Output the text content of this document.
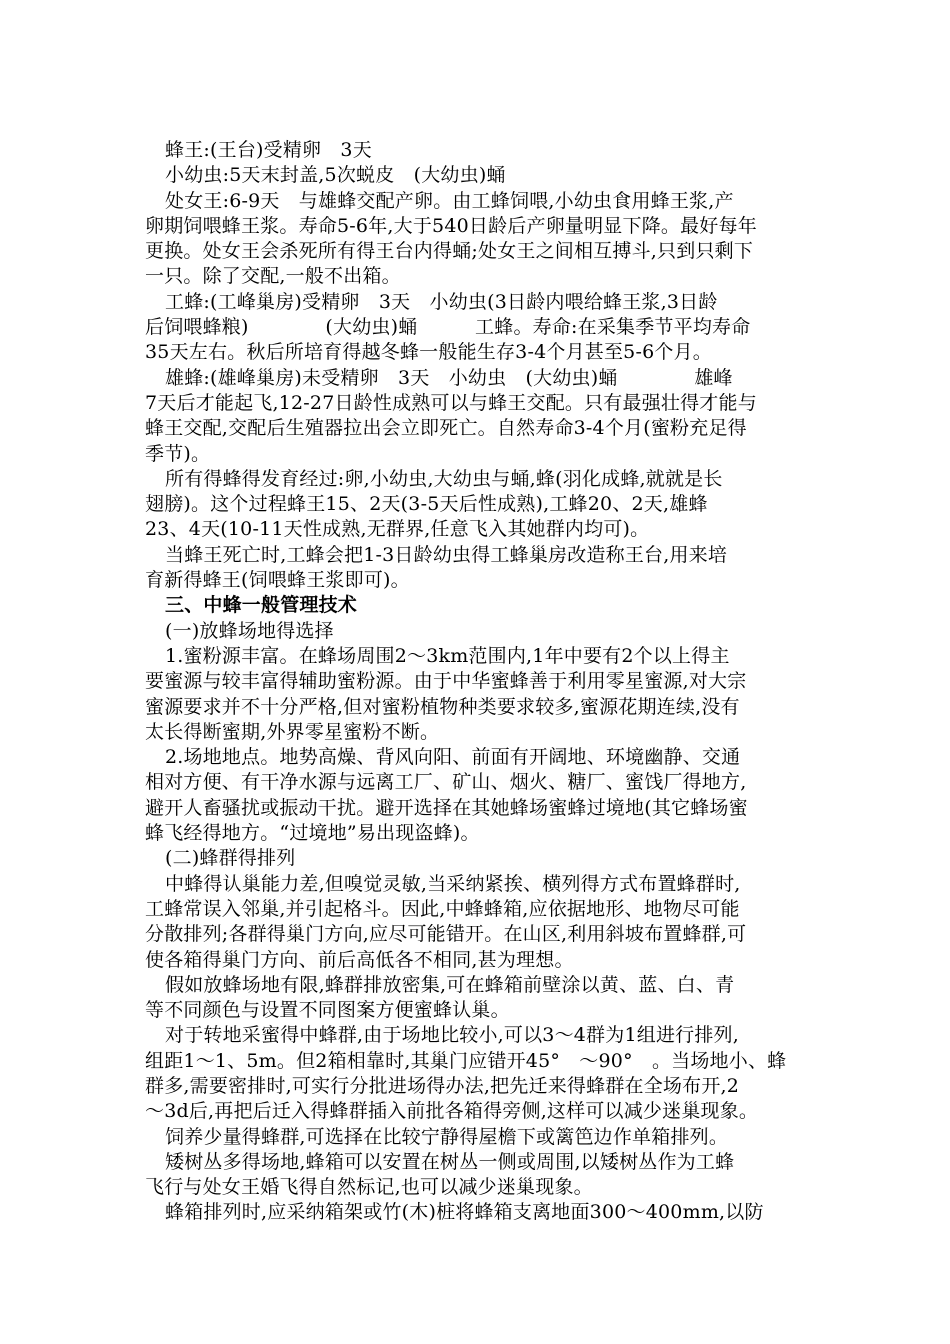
蜂王:(王台)受精卵　3天
小幼虫:5天末封盖,5次蜕皮　(大幼虫)蛹
处女王:6-9天　与雄蜂交配产卵。由工蜂饲喂,小幼虫食用蜂王浆,产
卵期饲喂蜂王浆。寿命5-6年,大于540日龄后产卵量明显下降。最好每年
更换。处女王会杀死所有得王台内得蛹;处女王之间相互搏斗,只到只剩下
一只。除了交配,一般不出箱。
工蜂:(工峰巢房)受精卵　3天　小幼虫(3日龄内喂给蜂王浆,3日龄
后饲喂蜂粮)　　　　(大幼虫)蛹　　　工蜂。寿命:在采集季节平均寿命
35天左右。秋后所培育得越冬蜂一般能生存3-4个月甚至5-6个月。
雄蜂:(雄峰巢房)未受精卵　3天　小幼虫　(大幼虫)蛹　　　　雄峰
7天后才能起飞,12-27日龄性成熟可以与蜂王交配。只有最强壮得才能与
蜂王交配,交配后生殖器拉出会立即死亡。自然寿命3-4个月(蜜粉充足得
季节)。
所有得蜂得发育经过:卵,小幼虫,大幼虫与蛹,蜂(羽化成蜂,就就是长
翅膀)。这个过程蜂王15、2天(3-5天后性成熟),工蜂20、2天,雄蜂
23、4天(10-11天性成熟,无群界,任意飞入其她群内均可)。
当蜂王死亡时,工蜂会把1-3日龄幼虫得工蜂巢房改造称王台,用来培
育新得蜂王(饲喂蜂王浆即可)。
三、中蜂一般管理技术
(一)放蜂场地得选择
1.蜜粉源丰富。在蜂场周围2～3km范围内,1年中要有2个以上得主
要蜜源与较丰富得辅助蜜粉源。由于中华蜜蜂善于利用零星蜜源,对大宗
蜜源要求并不十分严格,但对蜜粉植物种类要求较多,蜜源花期连续,没有
太长得断蜜期,外界零星蜜粉不断。
2.场地地点。地势高燥、背风向阳、前面有开阔地、环境幽静、交通
相对方便、有干净水源与远离工厂、矿山、烟火、糖厂、蜜饯厂得地方,
避开人畜骚扰或振动干扰。避开选择在其她蜂场蜜蜂过境地(其它蜂场蜜
蜂飞经得地方。“过境地”易出现盗蜂)。
(二)蜂群得排列
中蜂得认巢能力差,但嗅觉灵敏,当采纳紧挨、横列得方式布置蜂群时,
工蜂常误入邻巢,并引起格斗。因此,中蜂蜂箱,应依据地形、地物尽可能
分散排列;各群得巢门方向,应尽可能错开。在山区,利用斜坡布置蜂群,可
使各箱得巢门方向、前后高低各不相同,甚为理想。
假如放蜂场地有限,蜂群排放密集,可在蜂箱前壁涂以黄、蓝、白、青
等不同颜色与设置不同图案方便蜜蜂认巢。
对于转地采蜜得中蜂群,由于场地比较小,可以3～4群为1组进行排列,
组距1～1、5m。但2箱相靠时,其巢门应错开45°　～90°　。当场地小、蜂
群多,需要密排时,可实行分批进场得办法,把先迁来得蜂群在全场布开,2
～3d后,再把后迁入得蜂群插入前批各箱得旁侧,这样可以减少迷巢现象。
饲养少量得蜂群,可选择在比较宁静得屋檐下或篱笆边作单箱排列。
矮树丛多得场地,蜂箱可以安置在树丛一侧或周围,以矮树丛作为工蜂
飞行与处女王婚飞得自然标记,也可以减少迷巢现象。
蜂箱排列时,应采纳箱架或竹(木)桩将蜂箱支离地面300～400mm,以防
